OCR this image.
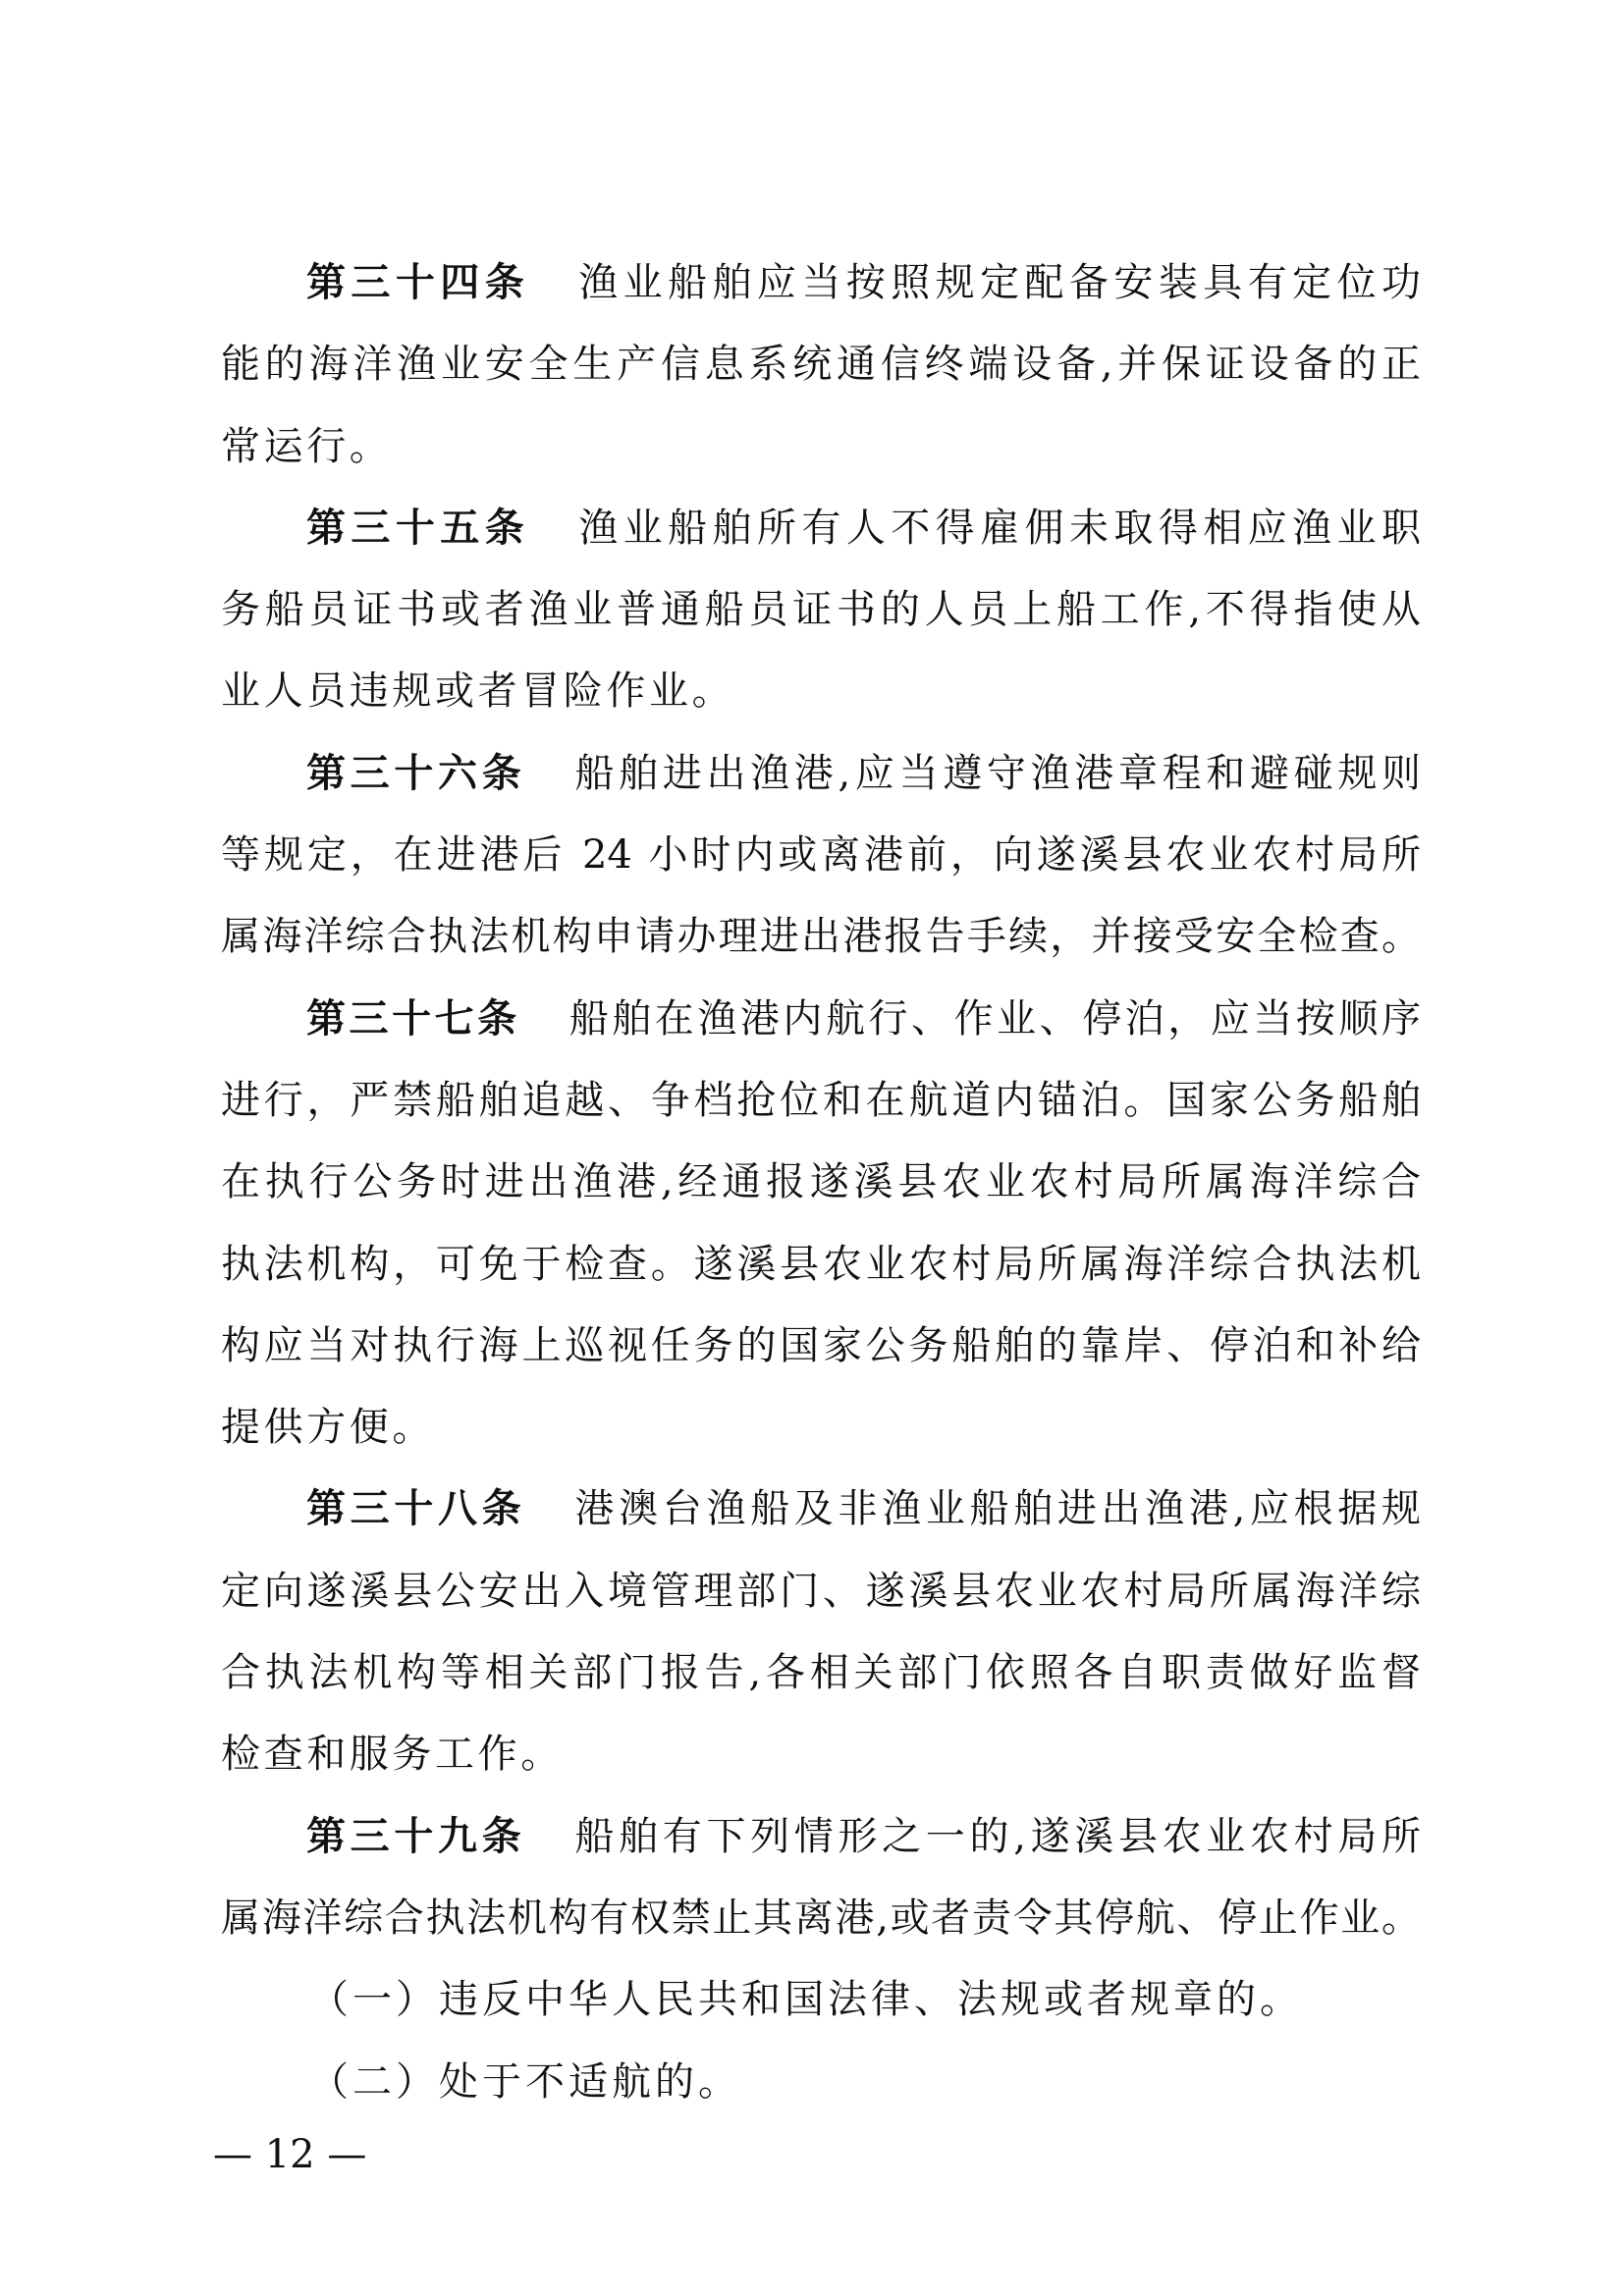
第三十四条 渔业船舶应当按照规定配备安装具有定位功
能的海洋渔业安全生产信息系统通信终端设备,并保证设备的正
常运行。
第三十五条 渔业船舶所有人不得雇佣未取得相应渔业职
务船员证书或者渔业普通船员证书的人员上船工作,不得指使从
业人员违规或者冒险作业。
第三十六条 船舶进出渔港,应当遵守渔港章程和避碰规则
等规定，在进港后 24 小时内或离港前，向遂溪县农业农村局所
属海洋综合执法机构申请办理进出港报告手续，并接受安全检查。
第三十七条 船舶在渔港内航行、作业、停泊，应当按顺序
进行，严禁船舶追越、争档抢位和在航道内锚泊。国家公务船舶
在执行公务时进出渔港,经通报遂溪县农业农村局所属海洋综合
执法机构，可免于检查。遂溪县农业农村局所属海洋综合执法机
构应当对执行海上巡视任务的国家公务船舶的靠岸、停泊和补给
提供方便。
第三十八条 港澳台渔船及非渔业船舶进出渔港,应根据规
定向遂溪县公安出入境管理部门、遂溪县农业农村局所属海洋综
合执法机构等相关部门报告,各相关部门依照各自职责做好监督
检查和服务工作。
第三十九条 船舶有下列情形之一的,遂溪县农业农村局所
属海洋综合执法机构有权禁止其离港,或者责令其停航、停止作业。
（一）违反中华人民共和国法律、法规或者规章的。
（二）处于不适航的。
— 12 —
